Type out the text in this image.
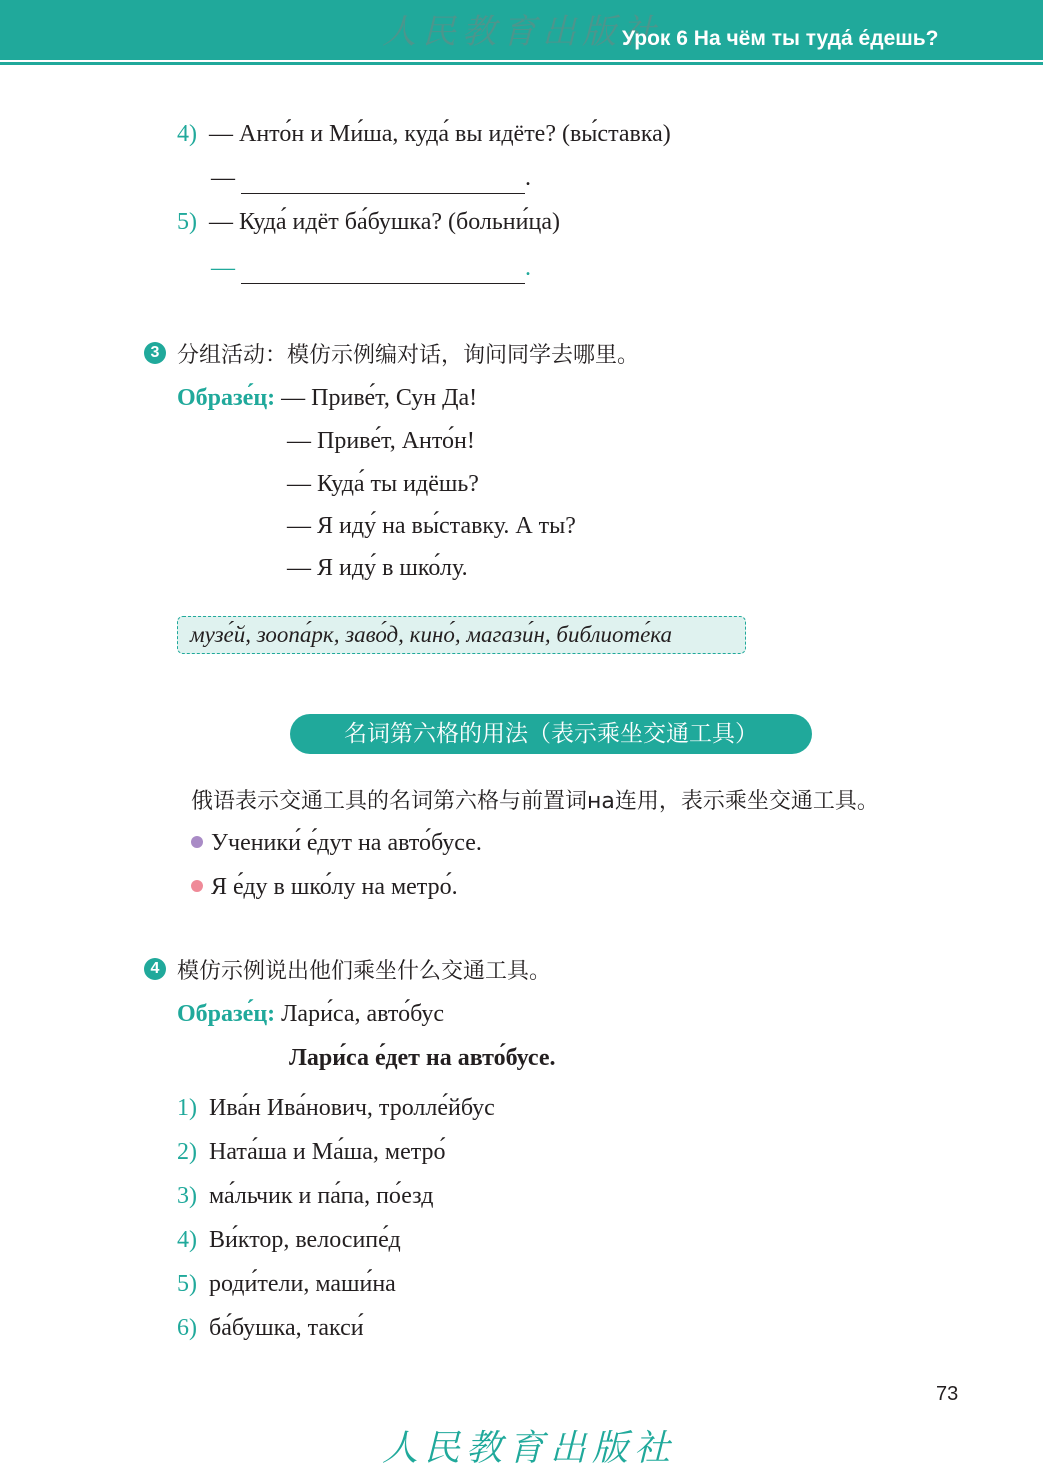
人民教育出版社
Урок 6 На чём ты туда́ е́дешь?
4) — Анто́н и Ми́ша, куда́ вы идёте? (вы́ставка)
—	.
5) — Куда́ идёт ба́бушка? (больни́ца)
—	.
3 分组活动：模仿示例编对话，询问同学去哪里。
Образе́ц: — Приве́т, Сун Да!
— Приве́т, Анто́н!
— Куда́ ты идёшь?
— Я иду́ на вы́ставку. А ты?
— Я иду́ в шко́лу.
музе́й, зоопа́рк, заво́д, кино́, магази́н, библиоте́ка
名词第六格的用法（表示乘坐交通工具）
俄语表示交通工具的名词第六格与前置词на连用，表示乘坐交通工具。
Ученики́ е́дут на авто́бусе.
Я е́ду в шко́лу на метро́.
4 模仿示例说出他们乘坐什么交通工具。
Образе́ц: Лари́са, авто́бус
Лари́са е́дет на авто́бусе.
1) Ива́н Ива́нович, тролле́йбус
2) Ната́ша и Ма́ша, метро́
3) ма́льчик и па́па, по́езд
4) Ви́ктор, велосипе́д
5) роди́тели, маши́на
6) ба́бушка, такси́
73
人民教育出版社
